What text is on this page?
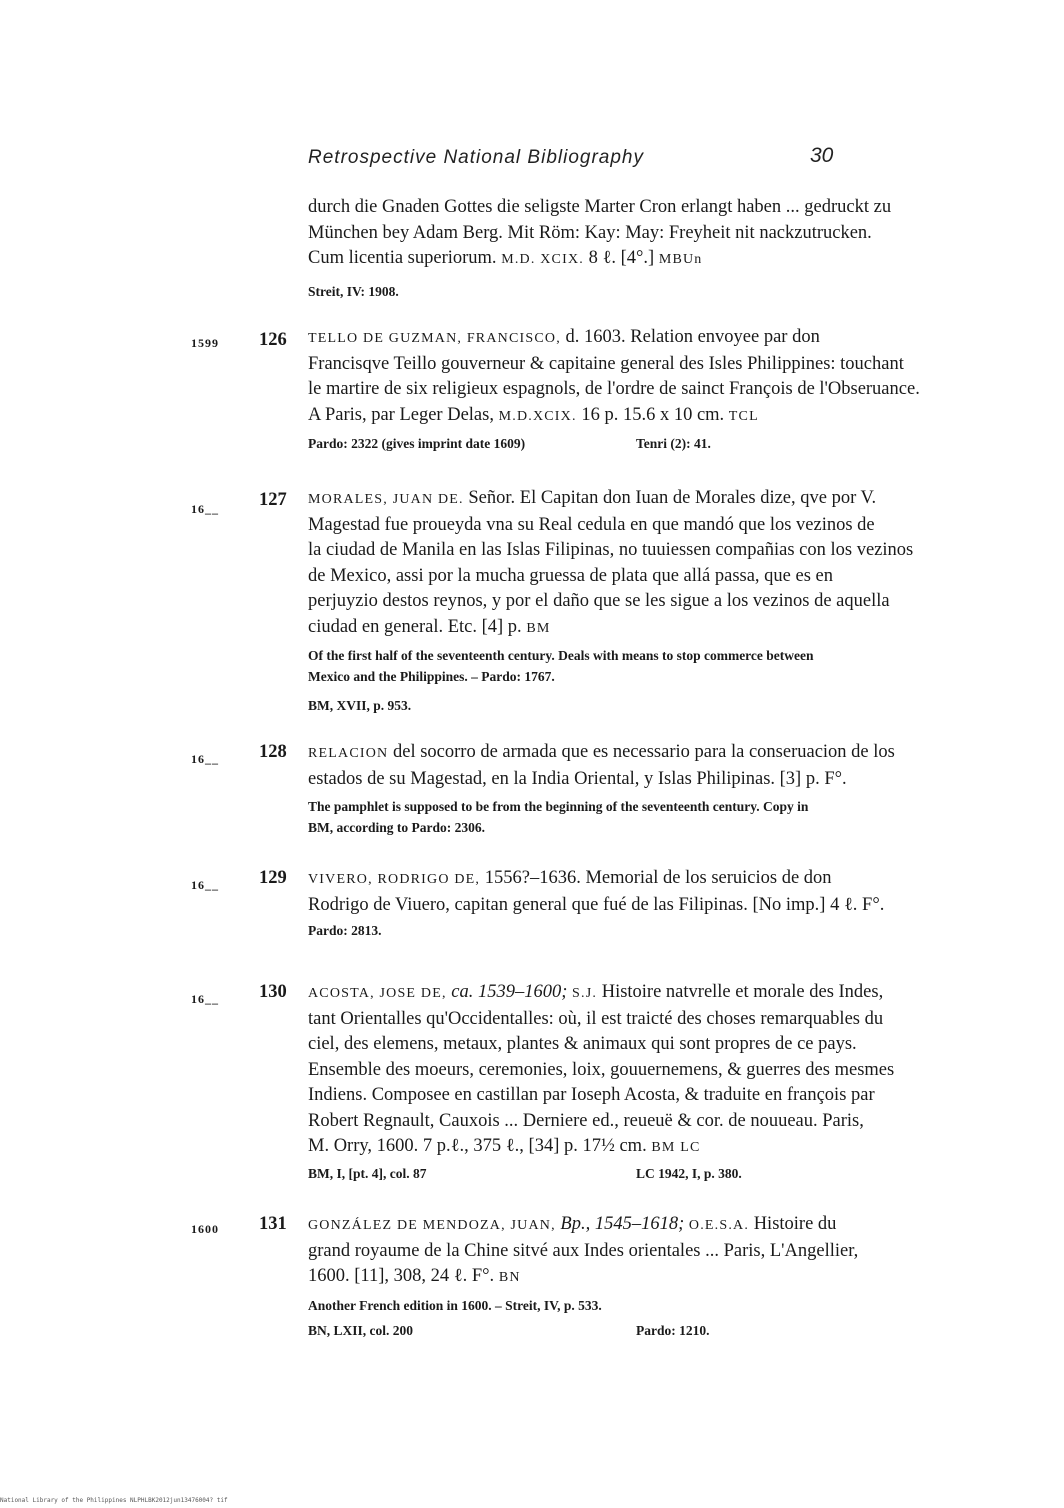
Retrospective National Bibliography	30
durch die Gnaden Gottes die seligste Marter Cron erlangt haben ... gedruckt zu
München bey Adam Berg. Mit Röm: Kay: May: Freyheit nit nackzutrucken.
Cum licentia superiorum. M.D. XCIX. 8 ℓ. [4°.] MBUn
Streit, IV: 1908.
1599 126 TELLO DE GUZMAN, FRANCISCO, d. 1603. Relation envoyee par don
Francisqve Teillo gouverneur & capitaine general des Isles Philippines: touchant
le martire de six religieux espagnols, de l'ordre de sainct François de l'Obseruance.
A Paris, par Leger Delas, M.D.XCIX. 16 p. 15.6 x 10 cm. TCL
Pardo: 2322 (gives imprint date 1609)	Tenri (2): 41.
16__ 127 MORALES, JUAN DE. Señor. El Capitan don Iuan de Morales dize, qve por V.
Magestad fue proueyda vna su Real cedula en que mandó que los vezinos de
la ciudad de Manila en las Islas Filipinas, no tuuiessen compañias con los vezinos
de Mexico, assi por la mucha gruessa de plata que allá passa, que es en
perjuyzio destos reynos, y por el daño que se les sigue a los vezinos de aquella
ciudad en general. Etc. [4] p. BM
Of the first half of the seventeenth century. Deals with means to stop commerce between
Mexico and the Philippines. – Pardo: 1767.
BM, XVII, p. 953.
16__ 128 RELACION del socorro de armada que es necessario para la conseruacion de los
estados de su Magestad, en la India Oriental, y Islas Philipinas. [3] p. F°.
The pamphlet is supposed to be from the beginning of the seventeenth century. Copy in
BM, according to Pardo: 2306.
16__ 129 VIVERO, RODRIGO DE, 1556?–1636. Memorial de los seruicios de don
Rodrigo de Viuero, capitan general que fué de las Filipinas. [No imp.] 4 ℓ. F°.
Pardo: 2813.
16__ 130 ACOSTA, JOSE DE, ca. 1539–1600; S.J. Histoire natvrelle et morale des Indes,
tant Orientalles qu'Occidentalles: où, il est traicté des choses remarquables du
ciel, des elemens, metaux, plantes & animaux qui sont propres de ce pays.
Ensemble des moeurs, ceremonies, loix, gouuernemens, & guerres des mesmes
Indiens. Composee en castillan par Ioseph Acosta, & traduite en françois par
Robert Regnault, Cauxois ... Derniere ed., reueuë & cor. de nouueau. Paris,
M. Orry, 1600. 7 p.ℓ., 375 ℓ., [34] p. 17½ cm. BM LC
BM, I, [pt. 4], col. 87	LC 1942, I, p. 380.
1600 131 GONZÁLEZ DE MENDOZA, JUAN, Bp., 1545–1618; O.E.S.A. Histoire du
grand royaume de la Chine sitvé aux Indes orientales ... Paris, L'Angellier,
1600. [11], 308, 24 ℓ. F°. BN
Another French edition in 1600. – Streit, IV, p. 533.
BN, LXII, col. 200	Pardo: 1210.
National Library of the Philippines NLPHLBK2012jun13476004? tif
